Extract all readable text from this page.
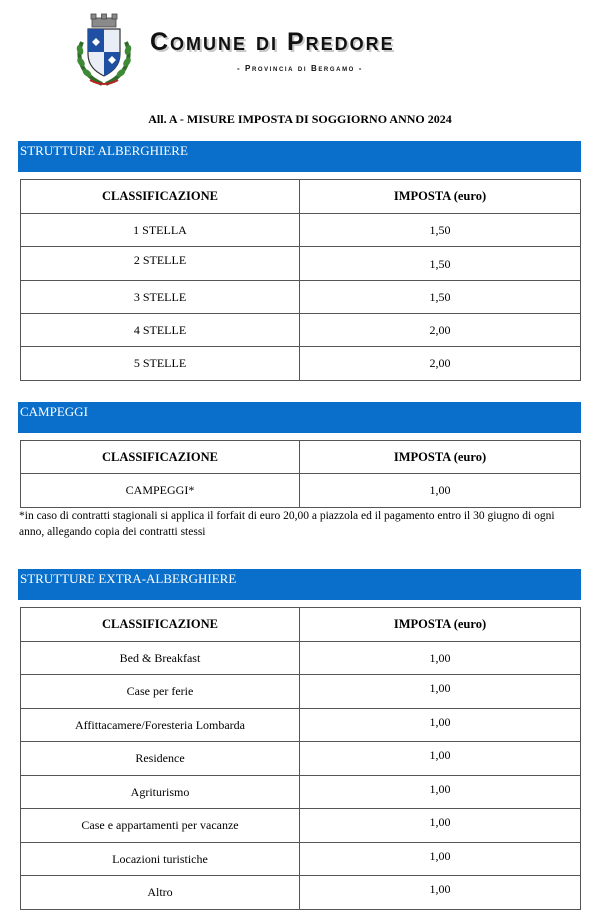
Comune di Predore
- Provincia di Bergamo -
All. A - MISURE IMPOSTA DI SOGGIORNO ANNO 2024
STRUTTURE ALBERGHIERE
CLASSIFICAZIONE	IMPOSTA (euro)
1 STELLA	1,50
2 STELLE	1,50
3 STELLE	1,50
4 STELLE	2,00
5 STELLE	2,00
CAMPEGGI
CLASSIFICAZIONE	IMPOSTA (euro)
CAMPEGGI*	1,00
*in caso di contratti stagionali si applica il forfait di euro 20,00 a piazzola ed il pagamento entro il 30 giugno di ogni anno, allegando copia dei contratti stessi
STRUTTURE EXTRA-ALBERGHIERE
CLASSIFICAZIONE	IMPOSTA (euro)
Bed & Breakfast	1,00
Case per ferie	1,00
Affittacamere/Foresteria Lombarda	1,00
Residence	1,00
Agriturismo	1,00
Case e appartamenti per vacanze	1,00
Locazioni turistiche	1,00
Altro	1,00
